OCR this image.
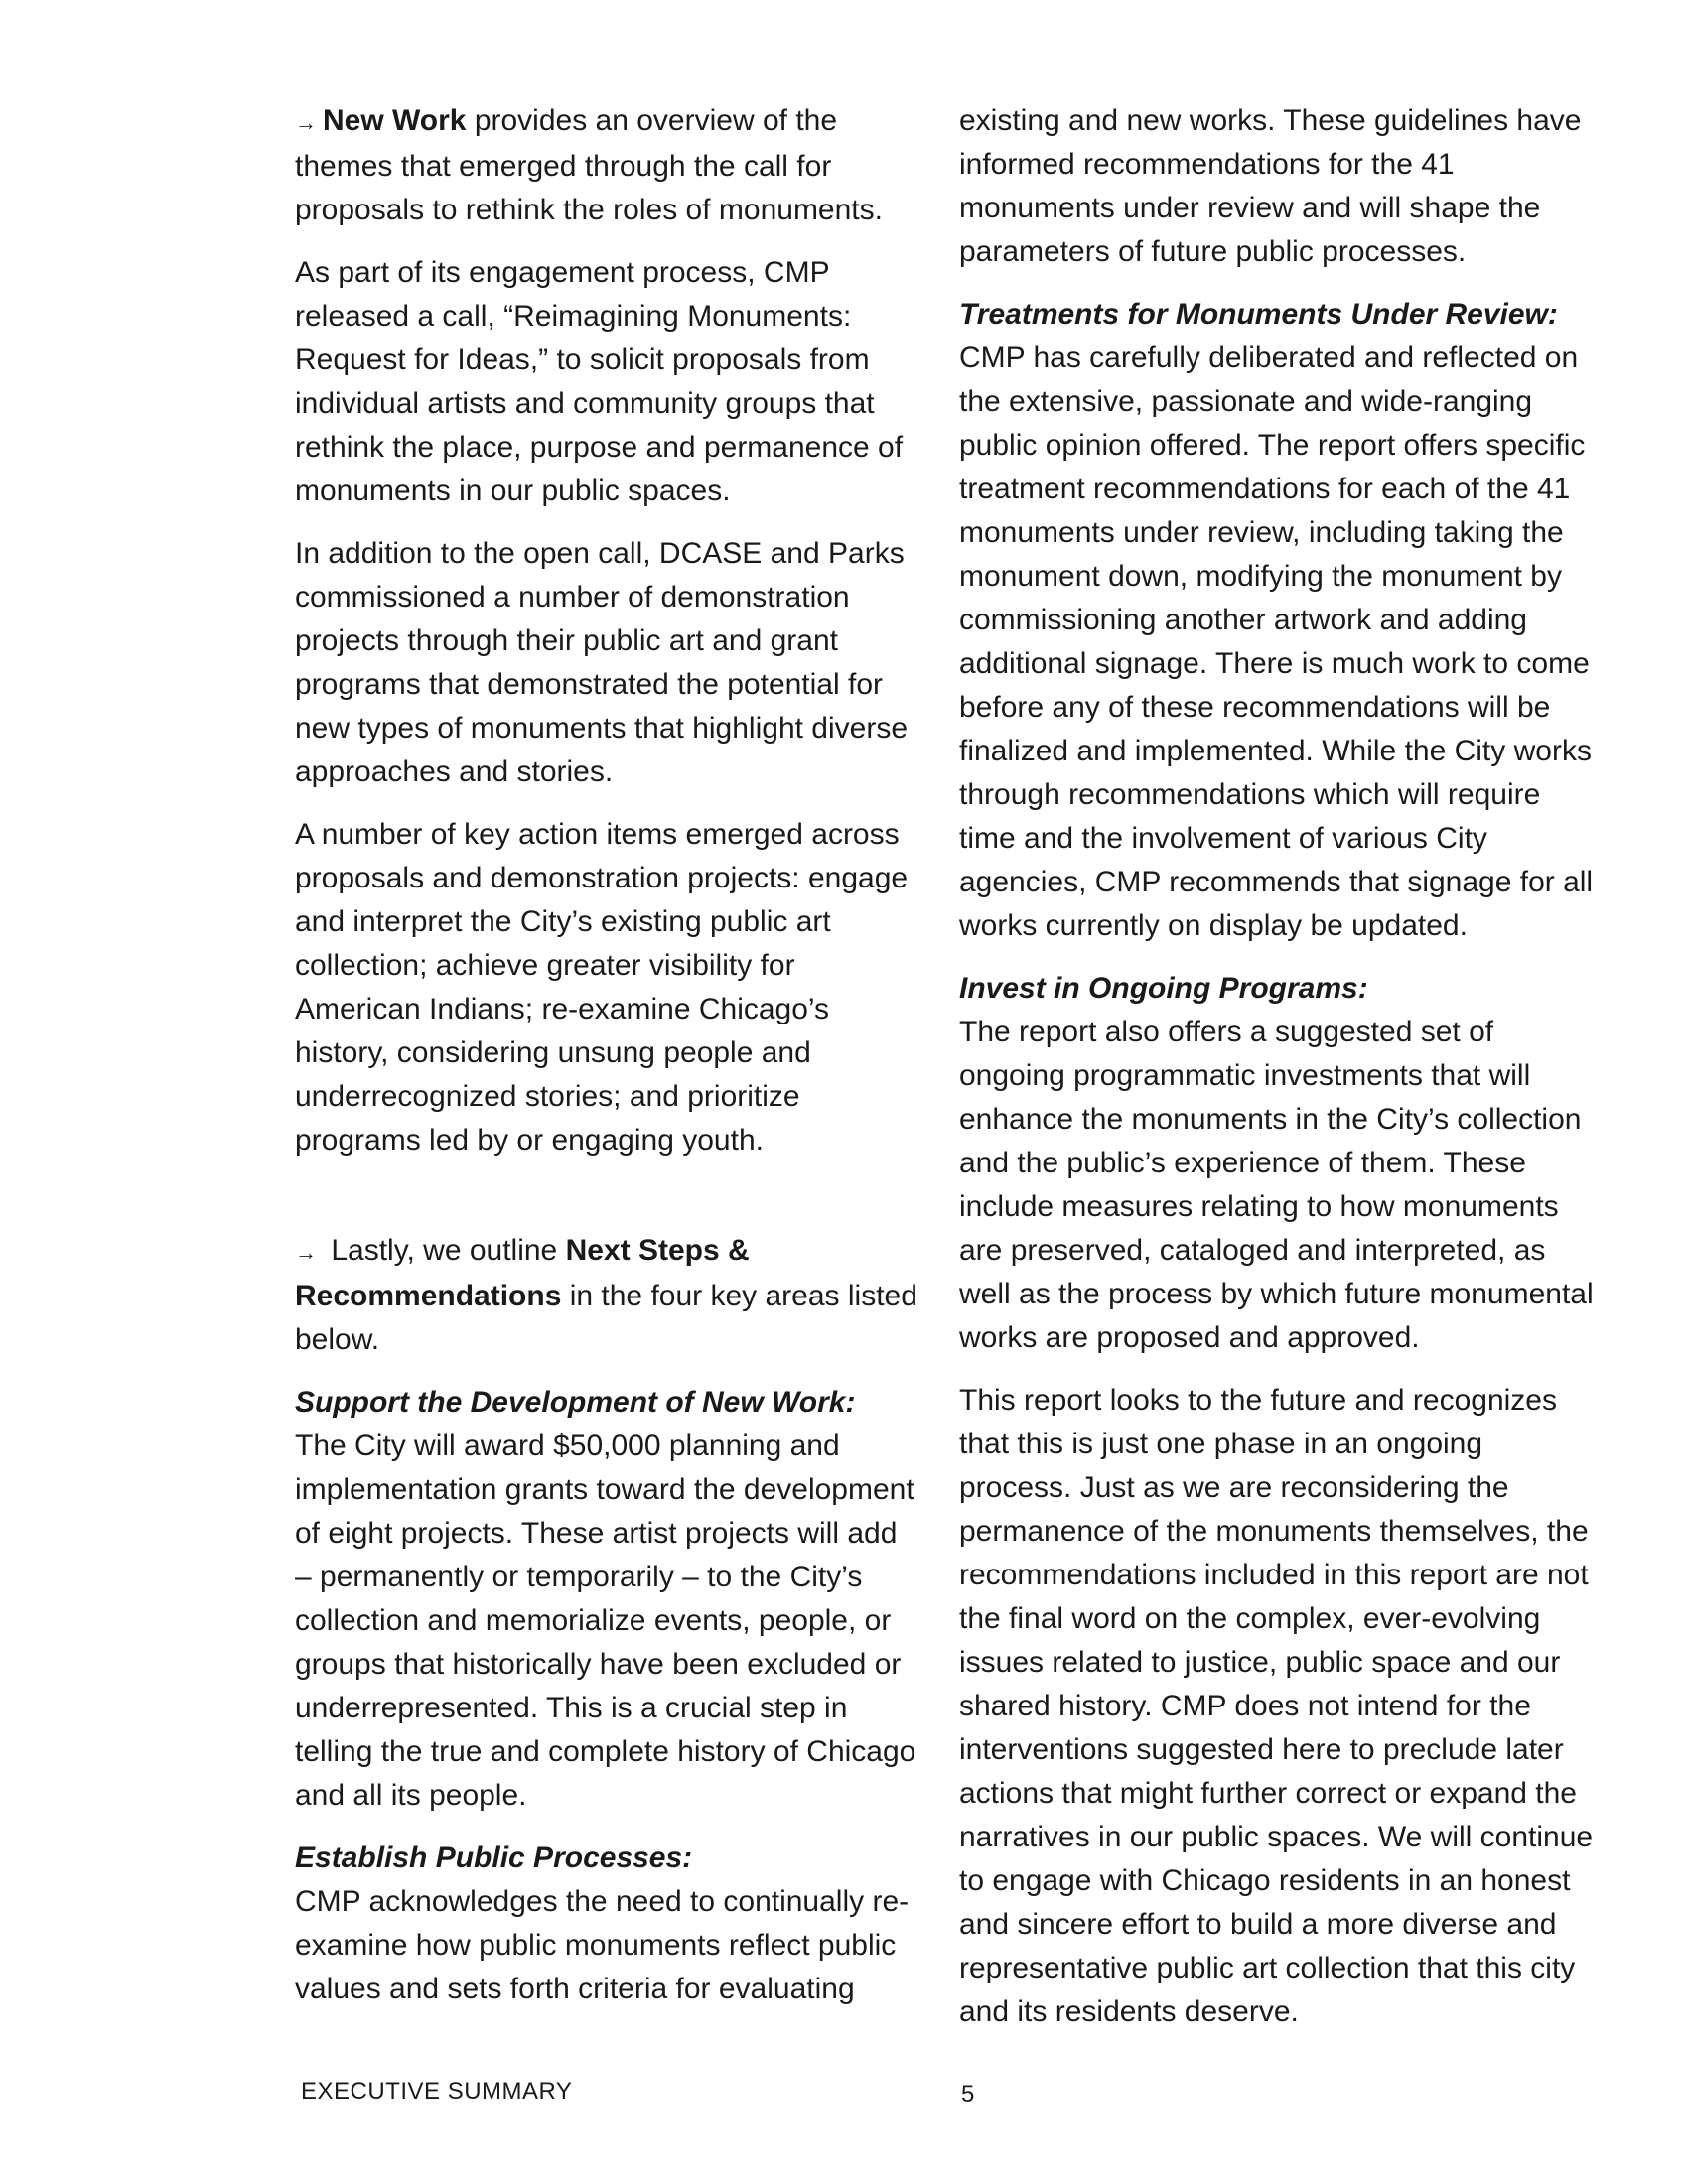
→ New Work provides an overview of the themes that emerged through the call for proposals to rethink the roles of monuments.

As part of its engagement process, CMP released a call, “Reimagining Monuments: Request for Ideas,” to solicit proposals from individual artists and community groups that rethink the place, purpose and permanence of monuments in our public spaces.

In addition to the open call, DCASE and Parks commissioned a number of demonstration projects through their public art and grant programs that demonstrated the potential for new types of monuments that highlight diverse approaches and stories.

A number of key action items emerged across proposals and demonstration projects: engage and interpret the City’s existing public art collection; achieve greater visibility for American Indians; re-examine Chicago’s history, considering unsung people and underrecognized stories; and prioritize programs led by or engaging youth.

→ Lastly, we outline Next Steps & Recommendations in the four key areas listed below.

Support the Development of New Work:
The City will award $50,000 planning and implementation grants toward the development of eight projects. These artist projects will add – permanently or temporarily – to the City’s collection and memorialize events, people, or groups that historically have been excluded or underrepresented. This is a crucial step in telling the true and complete history of Chicago and all its people.

Establish Public Processes:
CMP acknowledges the need to continually re-examine how public monuments reflect public values and sets forth criteria for evaluating

existing and new works. These guidelines have informed recommendations for the 41 monuments under review and will shape the parameters of future public processes.

Treatments for Monuments Under Review:
CMP has carefully deliberated and reflected on the extensive, passionate and wide-ranging public opinion offered. The report offers specific treatment recommendations for each of the 41 monuments under review, including taking the monument down, modifying the monument by commissioning another artwork and adding additional signage. There is much work to come before any of these recommendations will be finalized and implemented. While the City works through recommendations which will require time and the involvement of various City agencies, CMP recommends that signage for all works currently on display be updated.

Invest in Ongoing Programs:
The report also offers a suggested set of ongoing programmatic investments that will enhance the monuments in the City’s collection and the public’s experience of them. These include measures relating to how monuments are preserved, cataloged and interpreted, as well as the process by which future monumental works are proposed and approved.

This report looks to the future and recognizes that this is just one phase in an ongoing process. Just as we are reconsidering the permanence of the monuments themselves, the recommendations included in this report are not the final word on the complex, ever-evolving issues related to justice, public space and our shared history. CMP does not intend for the interventions suggested here to preclude later actions that might further correct or expand the narratives in our public spaces. We will continue to engage with Chicago residents in an honest and sincere effort to build a more diverse and representative public art collection that this city and its residents deserve.

EXECUTIVE SUMMARY	5
